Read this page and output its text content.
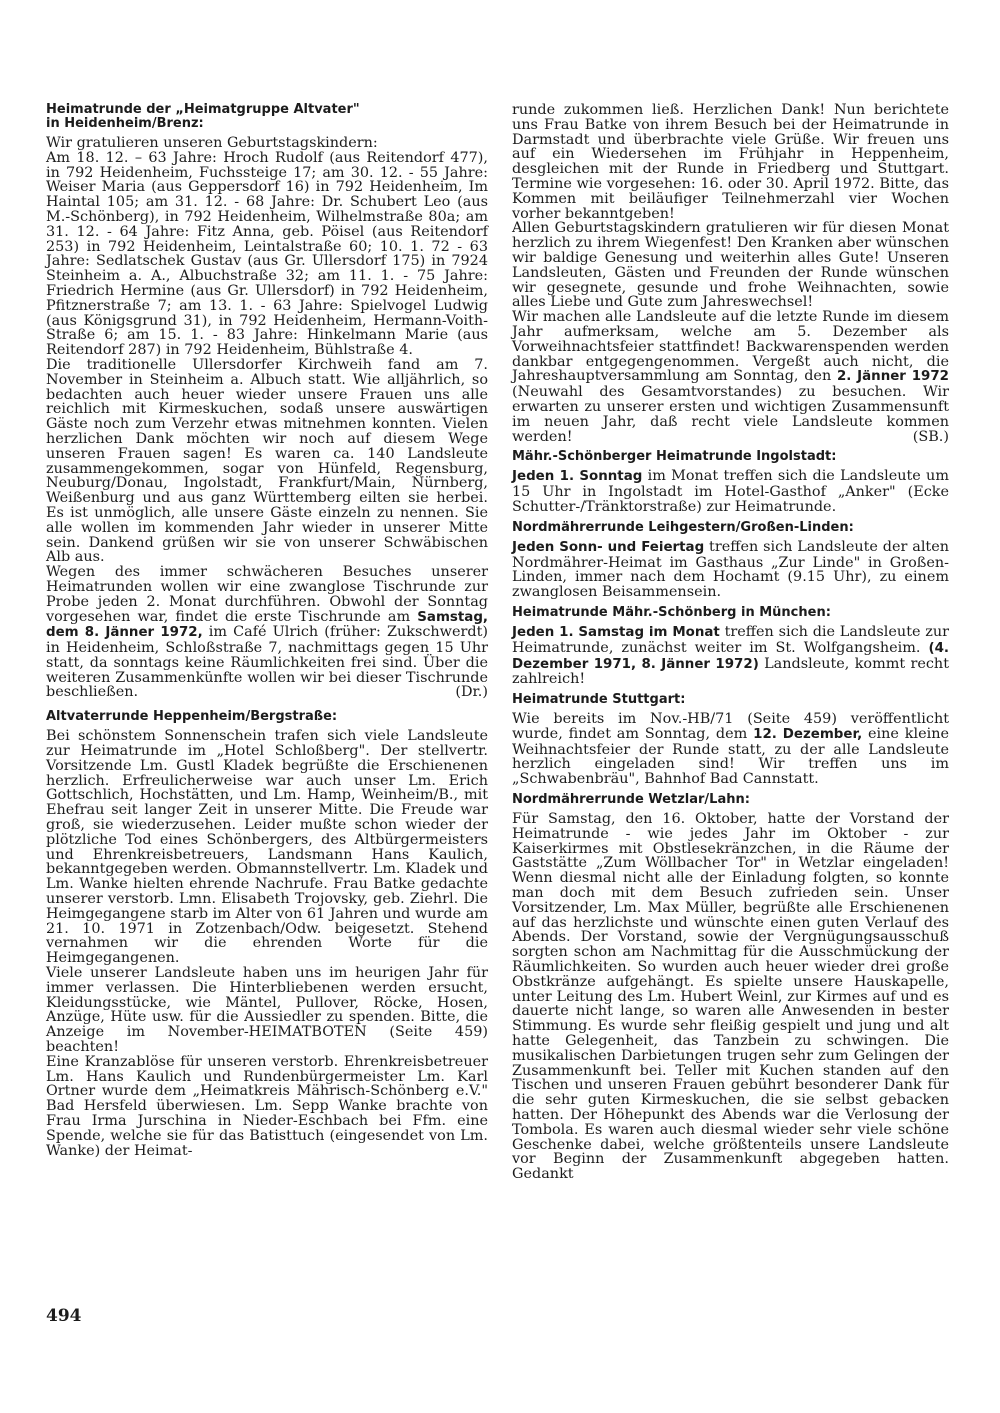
Heimatrunde der „Heimatgruppe Altvater"
in Heidenheim/Brenz:

Wir gratulieren unseren Geburtstagskindern:

Am 18. 12. – 63 Jahre: Hroch Rudolf (aus Reitendorf 477), in 792 Heidenheim, Fuchssteige 17; am 30. 12. - 55 Jahre: Weiser Maria (aus Geppersdorf 16) in 792 Heidenheim, Im Haintal 105; am 31. 12. - 68 Jahre: Dr. Schubert Leo (aus M.-Schönberg), in 792 Heidenheim, Wilhelmstraße 80a; am 31. 12. - 64 Jahre: Fitz Anna, geb. Pöisel (aus Reitendorf 253) in 792 Heidenheim, Leintalstraße 60; 10. 1. 72 - 63 Jahre: Sedlatschek Gustav (aus Gr. Ullersdorf 175) in 7924 Steinheim a. A., Albuchstraße 32; am 11. 1. - 75 Jahre: Friedrich Hermine (aus Gr. Ullersdorf) in 792 Heidenheim, Pfitznerstraße 7; am 13. 1. - 63 Jahre: Spielvogel Ludwig (aus Königsgrund 31), in 792 Heidenheim, Hermann-Voith-Straße 6; am 15. 1. - 83 Jahre: Hinkelmann Marie (aus Reitendorf 287) in 792 Heidenheim, Bühlstraße 4.

Die traditionelle Ullersdorfer Kirchweih fand am 7. November in Steinheim a. Albuch statt. Wie alljährlich, so bedachten auch heuer wieder unsere Frauen uns alle reichlich mit Kirmeskuchen, sodaß unsere auswärtigen Gäste noch zum Verzehr etwas mitnehmen konnten. Vielen herzlichen Dank möchten wir noch auf diesem Wege unseren Frauen sagen! Es waren ca. 140 Landsleute zusammengekommen, sogar von Hünfeld, Regensburg, Neuburg/Donau, Ingolstadt, Frankfurt/Main, Nürnberg, Weißenburg und aus ganz Württemberg eilten sie herbei. Es ist unmöglich, alle unsere Gäste einzeln zu nennen. Sie alle wollen im kommenden Jahr wieder in unserer Mitte sein. Dankend grüßen wir sie von unserer Schwäbischen Alb aus.

Wegen des immer schwächeren Besuches unserer Heimatrunden wollen wir eine zwanglose Tischrunde zur Probe jeden 2. Monat durchführen. Obwohl der Sonntag vorgesehen war, findet die erste Tischrunde am Samstag, dem 8. Jänner 1972, im Café Ulrich (früher: Zukschwerdt) in Heidenheim, Schloßstraße 7, nachmittags gegen 15 Uhr statt, da sonntags keine Räumlichkeiten frei sind. Über die weiteren Zusammenkünfte wollen wir bei dieser Tischrunde beschließen.	(Dr.)

Altvaterrunde Heppenheim/Bergstraße:

Bei schönstem Sonnenschein trafen sich viele Landsleute zur Heimatrunde im „Hotel Schloßberg". Der stellvertr. Vorsitzende Lm. Gustl Kladek begrüßte die Erschienenen herzlich. Erfreulicherweise war auch unser Lm. Erich Gottschlich, Hochstätten, und Lm. Hamp, Weinheim/B., mit Ehefrau seit langer Zeit in unserer Mitte. Die Freude war groß, sie wiederzusehen. Leider mußte schon wieder der plötzliche Tod eines Schönbergers, des Altbürgermeisters und Ehrenkreisbetreuers, Landsmann Hans Kaulich, bekanntgegeben werden. Obmannstellvertr. Lm. Kladek und Lm. Wanke hielten ehrende Nachrufe. Frau Batke gedachte unserer verstorb. Lmn. Elisabeth Trojovsky, geb. Ziehrl. Die Heimgegangene starb im Alter von 61 Jahren und wurde am 21. 10. 1971 in Zotzenbach/Odw. beigesetzt. Stehend vernahmen wir die ehrenden Worte für die Heimgegangenen.

Viele unserer Landsleute haben uns im heurigen Jahr für immer verlassen. Die Hinterbliebenen werden ersucht, Kleidungsstücke, wie Mäntel, Pullover, Röcke, Hosen, Anzüge, Hüte usw. für die Aussiedler zu spenden. Bitte, die Anzeige im November-HEIMATBOTEN (Seite 459) beachten!

Eine Kranzablöse für unseren verstorb. Ehrenkreisbetreuer Lm. Hans Kaulich und Rundenbürgermeister Lm. Karl Ortner wurde dem „Heimatkreis Mährisch-Schönberg e.V." Bad Hersfeld überwiesen. Lm. Sepp Wanke brachte von Frau Irma Jurschina in Nieder-Eschbach bei Ffm. eine Spende, welche sie für das Batisttuch (eingesendet von Lm. Wanke) der Heimat-

runde zukommen ließ. Herzlichen Dank! Nun berichtete uns Frau Batke von ihrem Besuch bei der Heimatrunde in Darmstadt und überbrachte viele Grüße. Wir freuen uns auf ein Wiedersehen im Frühjahr in Heppenheim, desgleichen mit der Runde in Friedberg und Stuttgart. Termine wie vorgesehen: 16. oder 30. April 1972. Bitte, das Kommen mit beiläufiger Teilnehmerzahl vier Wochen vorher bekanntgeben!

Allen Geburtstagskindern gratulieren wir für diesen Monat herzlich zu ihrem Wiegenfest! Den Kranken aber wünschen wir baldige Genesung und weiterhin alles Gute! Unseren Landsleuten, Gästen und Freunden der Runde wünschen wir gesegnete, gesunde und frohe Weihnachten, sowie alles Liebe und Gute zum Jahreswechsel!

Wir machen alle Landsleute auf die letzte Runde im diesem Jahr aufmerksam, welche am 5. Dezember als Vorweihnachtsfeier stattfindet! Backwarenspenden werden dankbar entgegengenommen. Vergeßt auch nicht, die Jahreshauptversammlung am Sonntag, den 2. Jänner 1972 (Neuwahl des Gesamtvorstandes) zu besuchen. Wir erwarten zu unserer ersten und wichtigen Zusammensunft im neuen Jahr, daß recht viele Landsleute kommen werden!	(SB.)

Mähr.-Schönberger Heimatrunde Ingolstadt:

Jeden 1. Sonntag im Monat treffen sich die Landsleute um 15 Uhr in Ingolstadt im Hotel-Gasthof „Anker" (Ecke Schutter-/Tränktorstraße) zur Heimatrunde.

Nordmährerrunde Leihgestern/Großen-Linden:

Jeden Sonn- und Feiertag treffen sich Landsleute der alten Nordmährer-Heimat im Gasthaus „Zur Linde" in Großen-Linden, immer nach dem Hochamt (9.15 Uhr), zu einem zwanglosen Beisammensein.

Heimatrunde Mähr.-Schönberg in München:

Jeden 1. Samstag im Monat treffen sich die Landsleute zur Heimatrunde, zunächst weiter im St. Wolfgangsheim. (4. Dezember 1971, 8. Jänner 1972) Landsleute, kommt recht zahlreich!

Heimatrunde Stuttgart:

Wie bereits im Nov.-HB/71 (Seite 459) veröffentlicht wurde, findet am Sonntag, dem 12. Dezember, eine kleine Weihnachtsfeier der Runde statt, zu der alle Landsleute herzlich eingeladen sind! Wir treffen uns im „Schwabenbräu", Bahnhof Bad Cannstatt.

Nordmährerrunde Wetzlar/Lahn:

Für Samstag, den 16. Oktober, hatte der Vorstand der Heimatrunde - wie jedes Jahr im Oktober - zur Kaiserkirmes mit Obstlesekränzchen, in die Räume der Gaststätte „Zum Wöllbacher Tor" in Wetzlar eingeladen! Wenn diesmal nicht alle der Einladung folgten, so konnte man doch mit dem Besuch zufrieden sein. Unser Vorsitzender, Lm. Max Müller, begrüßte alle Erschienenen auf das herzlichste und wünschte einen guten Verlauf des Abends. Der Vorstand, sowie der Vergnügungsausschuß sorgten schon am Nachmittag für die Ausschmückung der Räumlichkeiten. So wurden auch heuer wieder drei große Obstkränze aufgehängt. Es spielte unsere Hauskapelle, unter Leitung des Lm. Hubert Weinl, zur Kirmes auf und es dauerte nicht lange, so waren alle Anwesenden in bester Stimmung. Es wurde sehr fleißig gespielt und jung und alt hatte Gelegenheit, das Tanzbein zu schwingen. Die musikalischen Darbietungen trugen sehr zum Gelingen der Zusammenkunft bei. Teller mit Kuchen standen auf den Tischen und unseren Frauen gebührt besonderer Dank für die sehr guten Kirmeskuchen, die sie selbst gebacken hatten. Der Höhepunkt des Abends war die Verlosung der Tombola. Es waren auch diesmal wieder sehr viele schöne Geschenke dabei, welche größtenteils unsere Landsleute vor Beginn der Zusammenkunft abgegeben hatten. Gedankt

494
